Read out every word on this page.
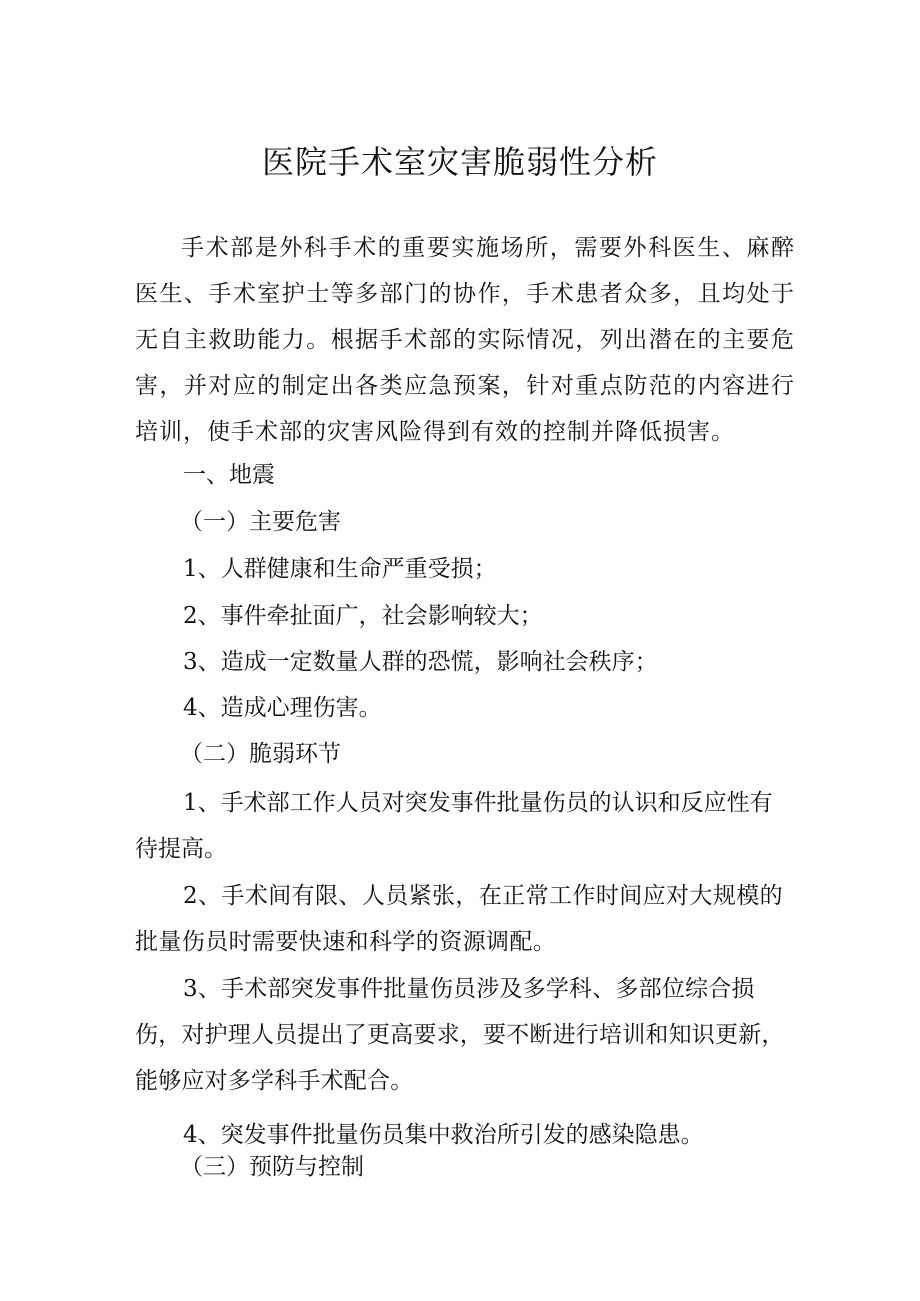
医院手术室灾害脆弱性分析

手术部是外科手术的重要实施场所，需要外科医生、麻醉医生、手术室护士等多部门的协作，手术患者众多，且均处于无自主救助能力。根据手术部的实际情况，列出潜在的主要危害，并对应的制定出各类应急预案，针对重点防范的内容进行培训，使手术部的灾害风险得到有效的控制并降低损害。

一、地震

（一）主要危害

1、人群健康和生命严重受损；

2、事件牵扯面广，社会影响较大；

3、造成一定数量人群的恐慌，影响社会秩序；

4、造成心理伤害。

（二）脆弱环节

1、手术部工作人员对突发事件批量伤员的认识和反应性有待提高。

2、手术间有限、人员紧张，在正常工作时间应对大规模的批量伤员时需要快速和科学的资源调配。

3、手术部突发事件批量伤员涉及多学科、多部位综合损伤，对护理人员提出了更高要求，要不断进行培训和知识更新，能够应对多学科手术配合。

4、突发事件批量伤员集中救治所引发的感染隐患。

（三）预防与控制
